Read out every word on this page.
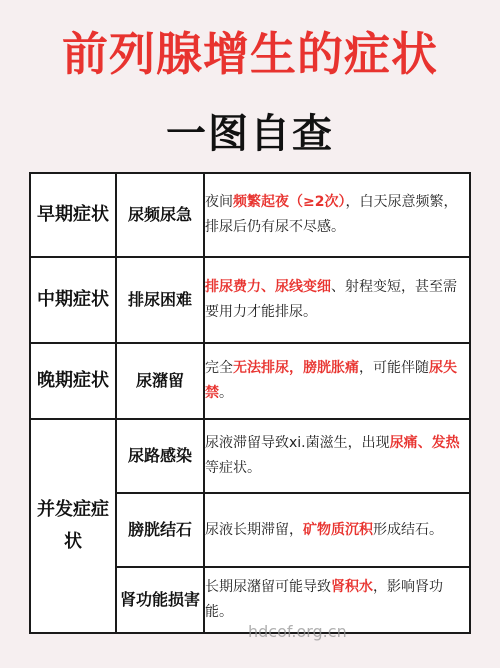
前列腺增生的症状
一图自查
早期症状	尿频尿急	夜间频繁起夜（≥2次），白天尿意频繁，排尿后仍有尿不尽感。
中期症状	排尿困难	排尿费力、尿线变细、射程变短，甚至需要用力才能排尿。
晚期症状	尿潴留	完全无法排尿，膀胱胀痛，可能伴随尿失禁。
并发症症状	尿路感染	尿液滞留导致xi.菌滋生，出现尿痛、发热等症状。
	膀胱结石	尿液长期滞留，矿物质沉积形成结石。
	肾功能损害	长期尿潴留可能导致肾积水，影响肾功能。
hdcof.org.cn
